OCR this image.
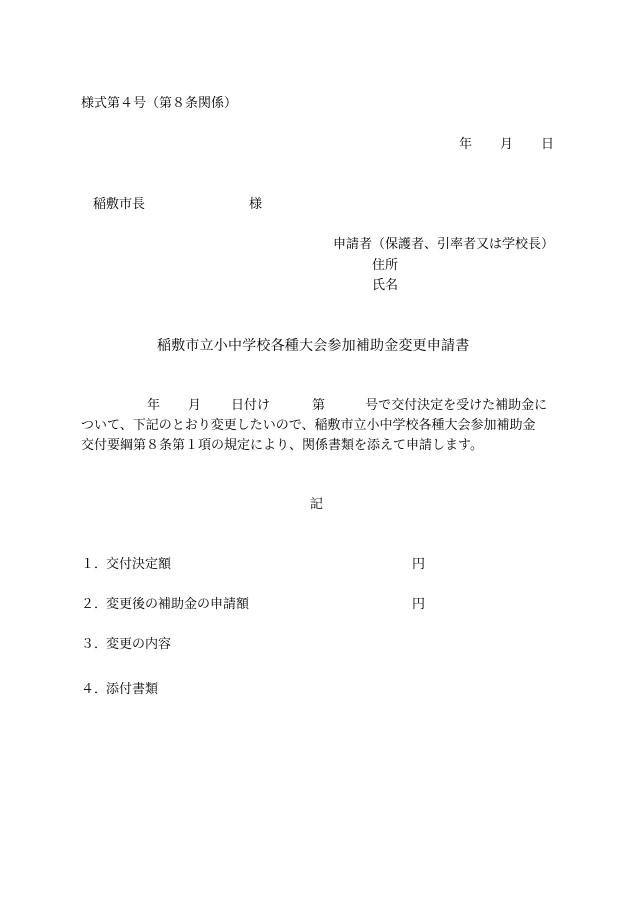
様式第４号（第８条関係）
年 月 日
稲敷市長	様
申請者（保護者、引率者又は学校長）
住所
氏名
稲敷市立小中学校各種大会参加補助金変更申請書
年 月 日付け	第	号で交付決定を受けた補助金に
ついて、下記のとおり変更したいので、稲敷市立小中学校各種大会参加補助金
交付要綱第８条第１項の規定により、関係書類を添えて申請します。
記
１．交付決定額	円
２．変更後の補助金の申請額	円
３．変更の内容
４．添付書類
